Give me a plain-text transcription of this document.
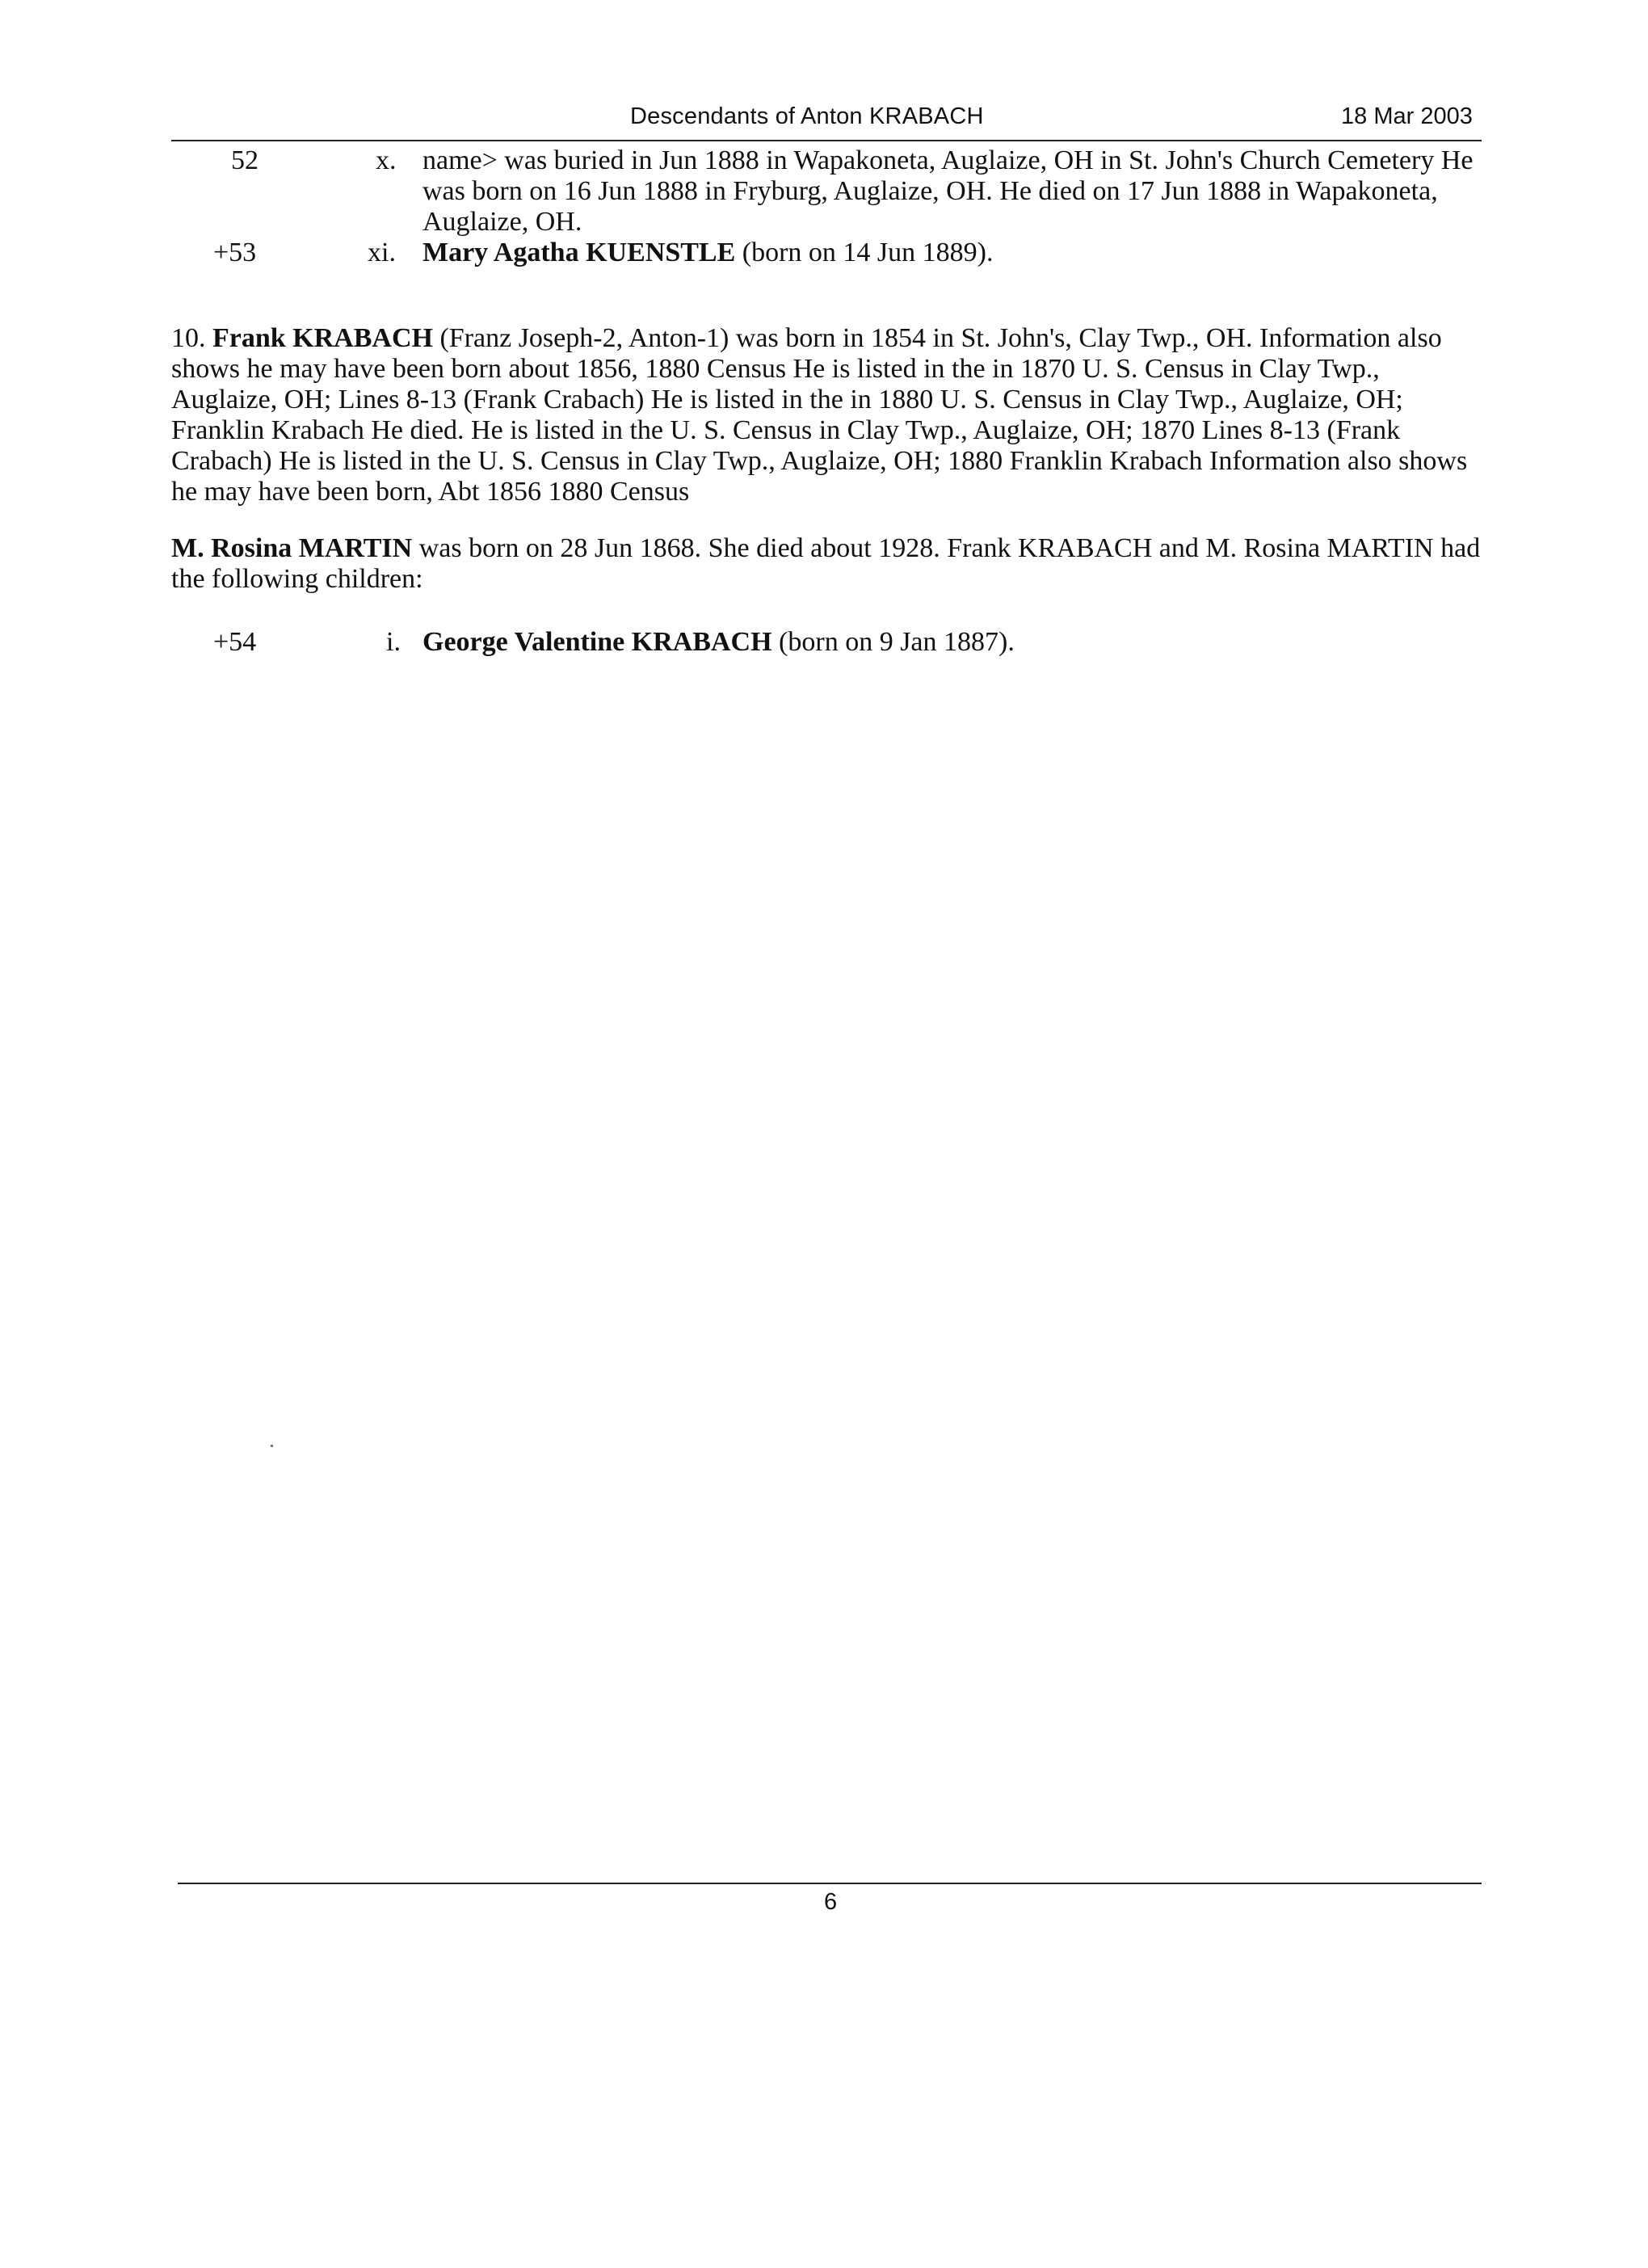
Descendants of Anton KRABACH	18 Mar 2003
52	x. name> was buried in Jun 1888 in Wapakoneta, Auglaize, OH in St. John's Church Cemetery He was born on 16 Jun 1888 in Fryburg, Auglaize, OH. He died on 17 Jun 1888 in Wapakoneta, Auglaize, OH.
+53	xi. Mary Agatha KUENSTLE (born on 14 Jun 1889).
10. Frank KRABACH (Franz Joseph-2, Anton-1) was born in 1854 in St. John's, Clay Twp., OH. Information also shows he may have been born about 1856, 1880 Census He is listed in the in 1870 U. S. Census in Clay Twp., Auglaize, OH; Lines 8-13 (Frank Crabach) He is listed in the in 1880 U. S. Census in Clay Twp., Auglaize, OH; Franklin Krabach He died. He is listed in the U. S. Census in Clay Twp., Auglaize, OH; 1870 Lines 8-13 (Frank Crabach) He is listed in the U. S. Census in Clay Twp., Auglaize, OH; 1880 Franklin Krabach Information also shows he may have been born, Abt 1856 1880 Census
M. Rosina MARTIN was born on 28 Jun 1868. She died about 1928. Frank KRABACH and M. Rosina MARTIN had the following children:
+54	i. George Valentine KRABACH (born on 9 Jan 1887).
6
